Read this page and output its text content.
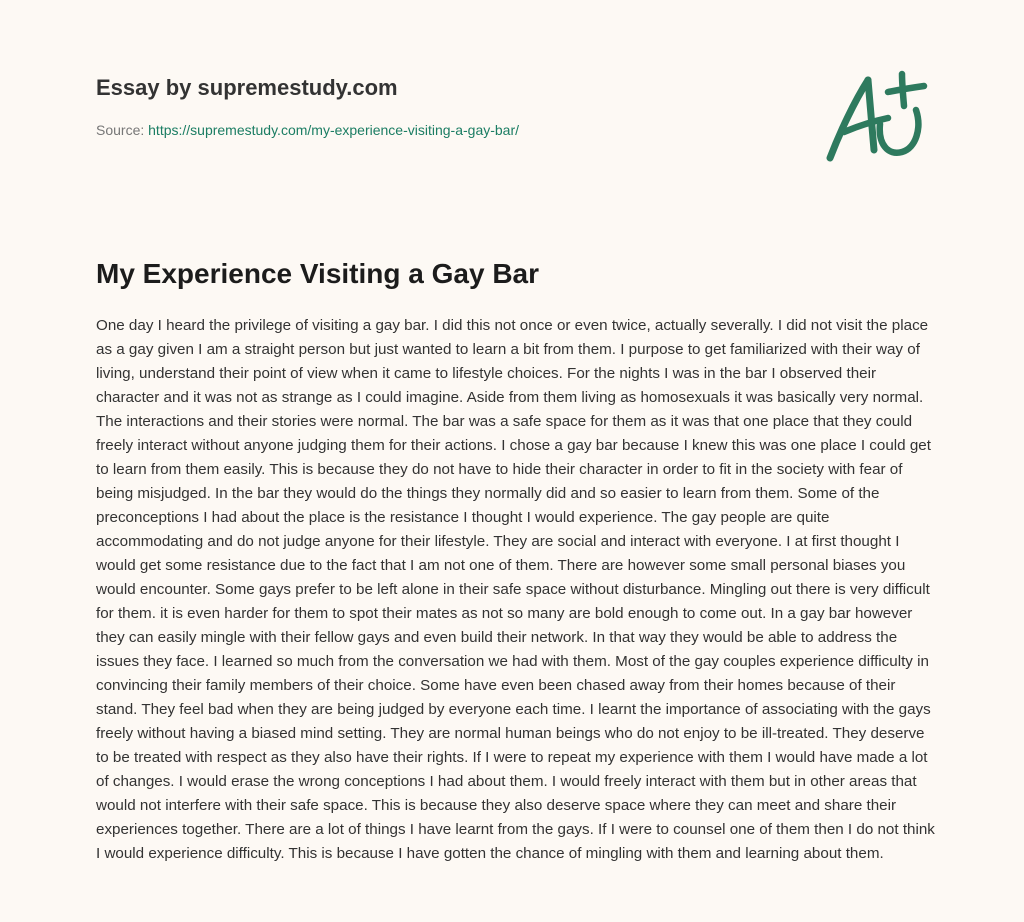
Essay by supremestudy.com
Source: https://supremestudy.com/my-experience-visiting-a-gay-bar/
My Experience Visiting a Gay Bar

One day I heard the privilege of visiting a gay bar. I did this not once or even twice, actually severally. I did not visit the place as a gay given I am a straight person but just wanted to learn a bit from them. I purpose to get familiarized with their way of living, understand their point of view when it came to lifestyle choices. For the nights I was in the bar I observed their character and it was not as strange as I could imagine. Aside from them living as homosexuals it was basically very normal. The interactions and their stories were normal. The bar was a safe space for them as it was that one place that they could freely interact without anyone judging them for their actions. I chose a gay bar because I knew this was one place I could get to learn from them easily. This is because they do not have to hide their character in order to fit in the society with fear of being misjudged. In the bar they would do the things they normally did and so easier to learn from them. Some of the preconceptions I had about the place is the resistance I thought I would experience. The gay people are quite accommodating and do not judge anyone for their lifestyle. They are social and interact with everyone. I at first thought I would get some resistance due to the fact that I am not one of them. There are however some small personal biases you would encounter. Some gays prefer to be left alone in their safe space without disturbance. Mingling out there is very difficult for them. it is even harder for them to spot their mates as not so many are bold enough to come out. In a gay bar however they can easily mingle with their fellow gays and even build their network. In that way they would be able to address the issues they face. I learned so much from the conversation we had with them. Most of the gay couples experience difficulty in convincing their family members of their choice. Some have even been chased away from their homes because of their stand. They feel bad when they are being judged by everyone each time. I learnt the importance of associating with the gays freely without having a biased mind setting. They are normal human beings who do not enjoy to be ill-treated. They deserve to be treated with respect as they also have their rights. If I were to repeat my experience with them I would have made a lot of changes. I would erase the wrong conceptions I had about them. I would freely interact with them but in other areas that would not interfere with their safe space. This is because they also deserve space where they can meet and share their experiences together. There are a lot of things I have learnt from the gays. If I were to counsel one of them then I do not think I would experience difficulty. This is because I have gotten the chance of mingling with them and learning about them.
